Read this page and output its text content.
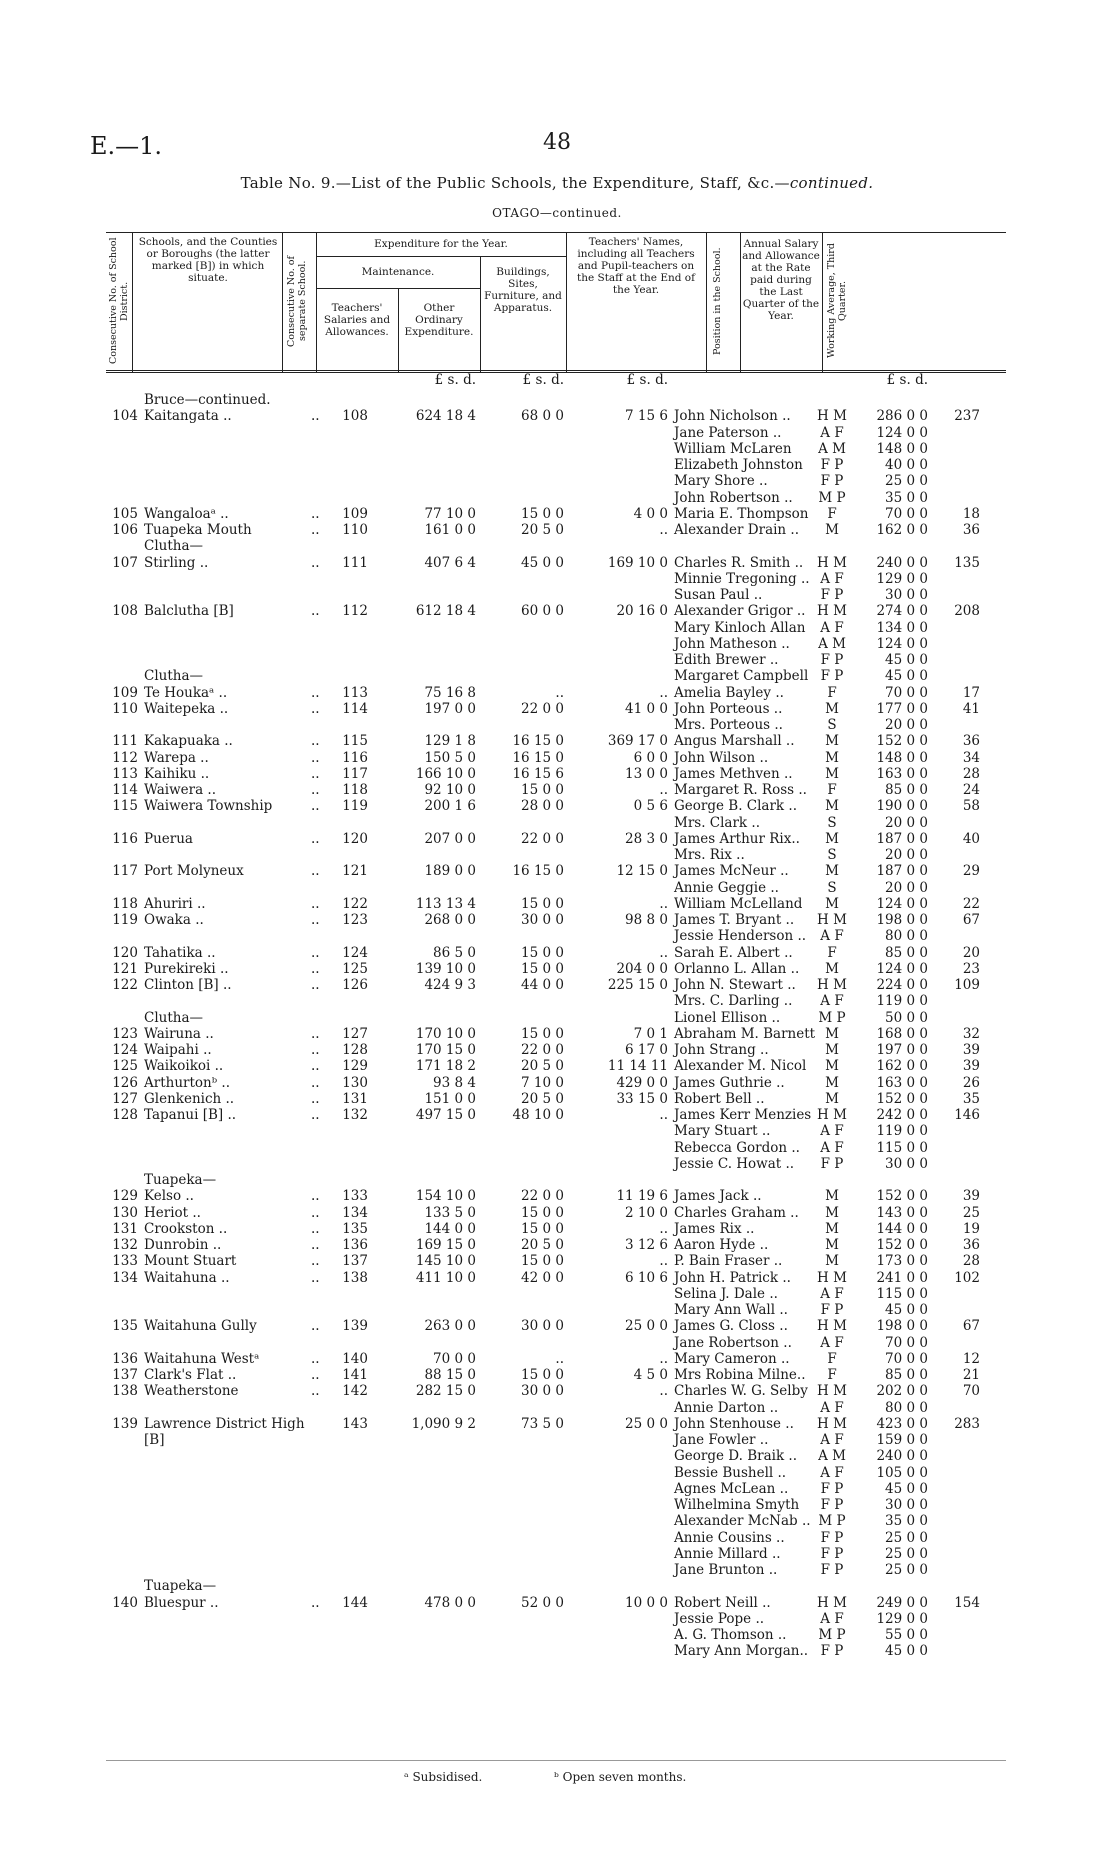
E.—1.	48
Table No. 9.—List of the Public Schools, the Expenditure, Staff, &c.—continued.
OTAGO—continued.
Consecutive No. of School District.
Schools, and the Counties or Boroughs (the latter marked [B]) in which situate.	Consecutive No. of separate School.
Expenditure for the Year.
Maintenance.
Teachers' Salaries and Allowances.
Other Ordinary Expenditure.
Buildings, Sites, Furniture, and Apparatus.
Teachers' Names, including all Teachers and Pupil-teachers on the Staff at the End of the Year.	Position in the School.
Annual Salary and Allowance at the Rate paid during the Last Quarter of the Year.	Working Average, Third Quarter.
£ s. d.	£ s. d.	£ s. d.	£ s. d.
Bruce—continued.
104 Kaitangata ..	..	108	624 18 4	68 0 0	7 15 6 John Nicholson .. H M	286 0 0	237
Jane Paterson ..	A F	124 0 0
William McLaren	A M	148 0 0
Elizabeth Johnston	F P	40 0 0
Mary Shore ..	F P	25 0 0
John Robertson ..	M P	35 0 0
105 Wangaloaᵃ ..	..	109	77 10 0	15 0 0	4 0 0 Maria E. Thompson	F	70 0 0	18
106 Tuapeka Mouth	..	110	161 0 0	20 5 0	.. Alexander Drain ..	M	162 0 0	36
Clutha—
107 Stirling ..	..	111	407 6 4	45 0 0	169 10 0 Charles R. Smith .. H M	240 0 0	135
Minnie Tregoning .. A F	129 0 0
Susan Paul ..	F P	30 0 0
108 Balclutha [B]	..	112	612 18 4	60 0 0	20 16 0 Alexander Grigor .. H M	274 0 0	208
Mary Kinloch Allan	A F	134 0 0
John Matheson ..	A M	124 0 0
Edith Brewer ..	F P	45 0 0
Clutha—	Margaret Campbell F P	45 0 0
109 Te Houkaᵃ ..	..	113	75 16 8	..	.. Amelia Bayley ..	F	70 0 0	17
110 Waitepeka ..	..	114	197 0 0	22 0 0	41 0 0 John Porteous ..	M	177 0 0	41
Mrs. Porteous ..	S	20 0 0
111 Kakapuaka ..	..	115	129 1 8	16 15 0	369 17 0 Angus Marshall ..	M	152 0 0	36
112 Warepa ..	..	116	150 5 0	16 15 0	6 0 0 John Wilson ..	M	148 0 0	34
113 Kaihiku ..	..	117	166 10 0	16 15 6	13 0 0 James Methven ..	M	163 0 0	28
114 Waiwera ..	..	118	92 10 0	15 0 0	.. Margaret R. Ross ..	F	85 0 0	24
115 Waiwera Township	..	119	200 1 6	28 0 0	0 5 6 George B. Clark ..	M	190 0 0	58
Mrs. Clark ..	S	20 0 0
116 Puerua	..	120	207 0 0	22 0 0	28 3 0 James Arthur Rix..	M	187 0 0	40
Mrs. Rix ..	S	20 0 0
117 Port Molyneux	..	121	189 0 0	16 15 0	12 15 0 James McNeur ..	M	187 0 0	29
Annie Geggie ..	S	20 0 0
118 Ahuriri ..	..	122	113 13 4	15 0 0	.. William McLelland	M	124 0 0	22
119 Owaka ..	..	123	268 0 0	30 0 0	98 8 0 James T. Bryant .. H M	198 0 0	67
Jessie Henderson ..	A F	80 0 0
120 Tahatika ..	..	124	86 5 0	15 0 0	.. Sarah E. Albert ..	F	85 0 0	20
121 Purekireki ..	..	125	139 10 0	15 0 0	204 0 0 Orlanno L. Allan ..	M	124 0 0	23
122 Clinton [B] ..	..	126	424 9 3	44 0 0	225 15 0 John N. Stewart .. H M	224 0 0	109
Mrs. C. Darling ..	A F	119 0 0
Clutha—	Lionel Ellison ..	M P	50 0 0
123 Wairuna ..	..	127	170 10 0	15 0 0	7 0 1 Abraham M. Barnett M	168 0 0	32
124 Waipahi ..	..	128	170 15 0	22 0 0	6 17 0 John Strang ..	M	197 0 0	39
125 Waikoikoi ..	..	129	171 18 2	20 5 0	11 14 11 Alexander M. Nicol	M	162 0 0	39
126 Arthurtonᵇ ..	..	130	93 8 4	7 10 0	429 0 0 James Guthrie ..	M	163 0 0	26
127 Glenkenich ..	..	131	151 0 0	20 5 0	33 15 0 Robert Bell ..	M	152 0 0	35
128 Tapanui [B] ..	..	132	497 15 0	48 10 0	.. James Kerr Menzies H M	242 0 0	146
Mary Stuart ..	A F	119 0 0
Rebecca Gordon ..	A F	115 0 0
Jessie C. Howat ..	F P	30 0 0
Tuapeka—
129 Kelso ..	..	133	154 10 0	22 0 0	11 19 6 James Jack ..	M	152 0 0	39
130 Heriot ..	..	134	133 5 0	15 0 0	2 10 0 Charles Graham ..	M	143 0 0	25
131 Crookston ..	..	135	144 0 0	15 0 0	.. James Rix ..	M	144 0 0	19
132 Dunrobin ..	..	136	169 15 0	20 5 0	3 12 6 Aaron Hyde ..	M	152 0 0	36
133 Mount Stuart	..	137	145 10 0	15 0 0	.. P. Bain Fraser ..	M	173 0 0	28
134 Waitahuna ..	..	138	411 10 0	42 0 0	6 10 6 John H. Patrick .. H M	241 0 0	102
Selina J. Dale ..	A F	115 0 0
Mary Ann Wall ..	F P	45 0 0
135 Waitahuna Gully	..	139	263 0 0	30 0 0	25 0 0 James G. Closs .. H M	198 0 0	67
Jane Robertson ..	A F	70 0 0
136 Waitahuna Westᵃ	..	140	70 0 0	..	.. Mary Cameron ..	F	70 0 0	12
137 Clark's Flat ..	..	141	88 15 0	15 0 0	4 5 0 Mrs Robina Milne..	F	85 0 0	21
138 Weatherstone	..	142	282 15 0	30 0 0	.. Charles W. G. Selby H M	202 0 0	70
Annie Darton ..	A F	80 0 0
139 Lawrence District High	143	1,090 9 2	73 5 0	25 0 0 John Stenhouse .. H M	423 0 0	283
[B]	Jane Fowler ..	A F	159 0 0
George D. Braik ..	A M	240 0 0
Bessie Bushell ..	A F	105 0 0
Agnes McLean ..	F P	45 0 0
Wilhelmina Smyth	F P	30 0 0
Alexander McNab .. M P	35 0 0
Annie Cousins ..	F P	25 0 0
Annie Millard ..	F P	25 0 0
Jane Brunton ..	F P	25 0 0
Tuapeka—
140 Bluespur ..	..	144	478 0 0	52 0 0	10 0 0 Robert Neill ..	H M	249 0 0	154
Jessie Pope ..	A F	129 0 0
A. G. Thomson ..	M P	55 0 0
Mary Ann Morgan.. F P	45 0 0
ᵃ Subsidised.	ᵇ Open seven months.
